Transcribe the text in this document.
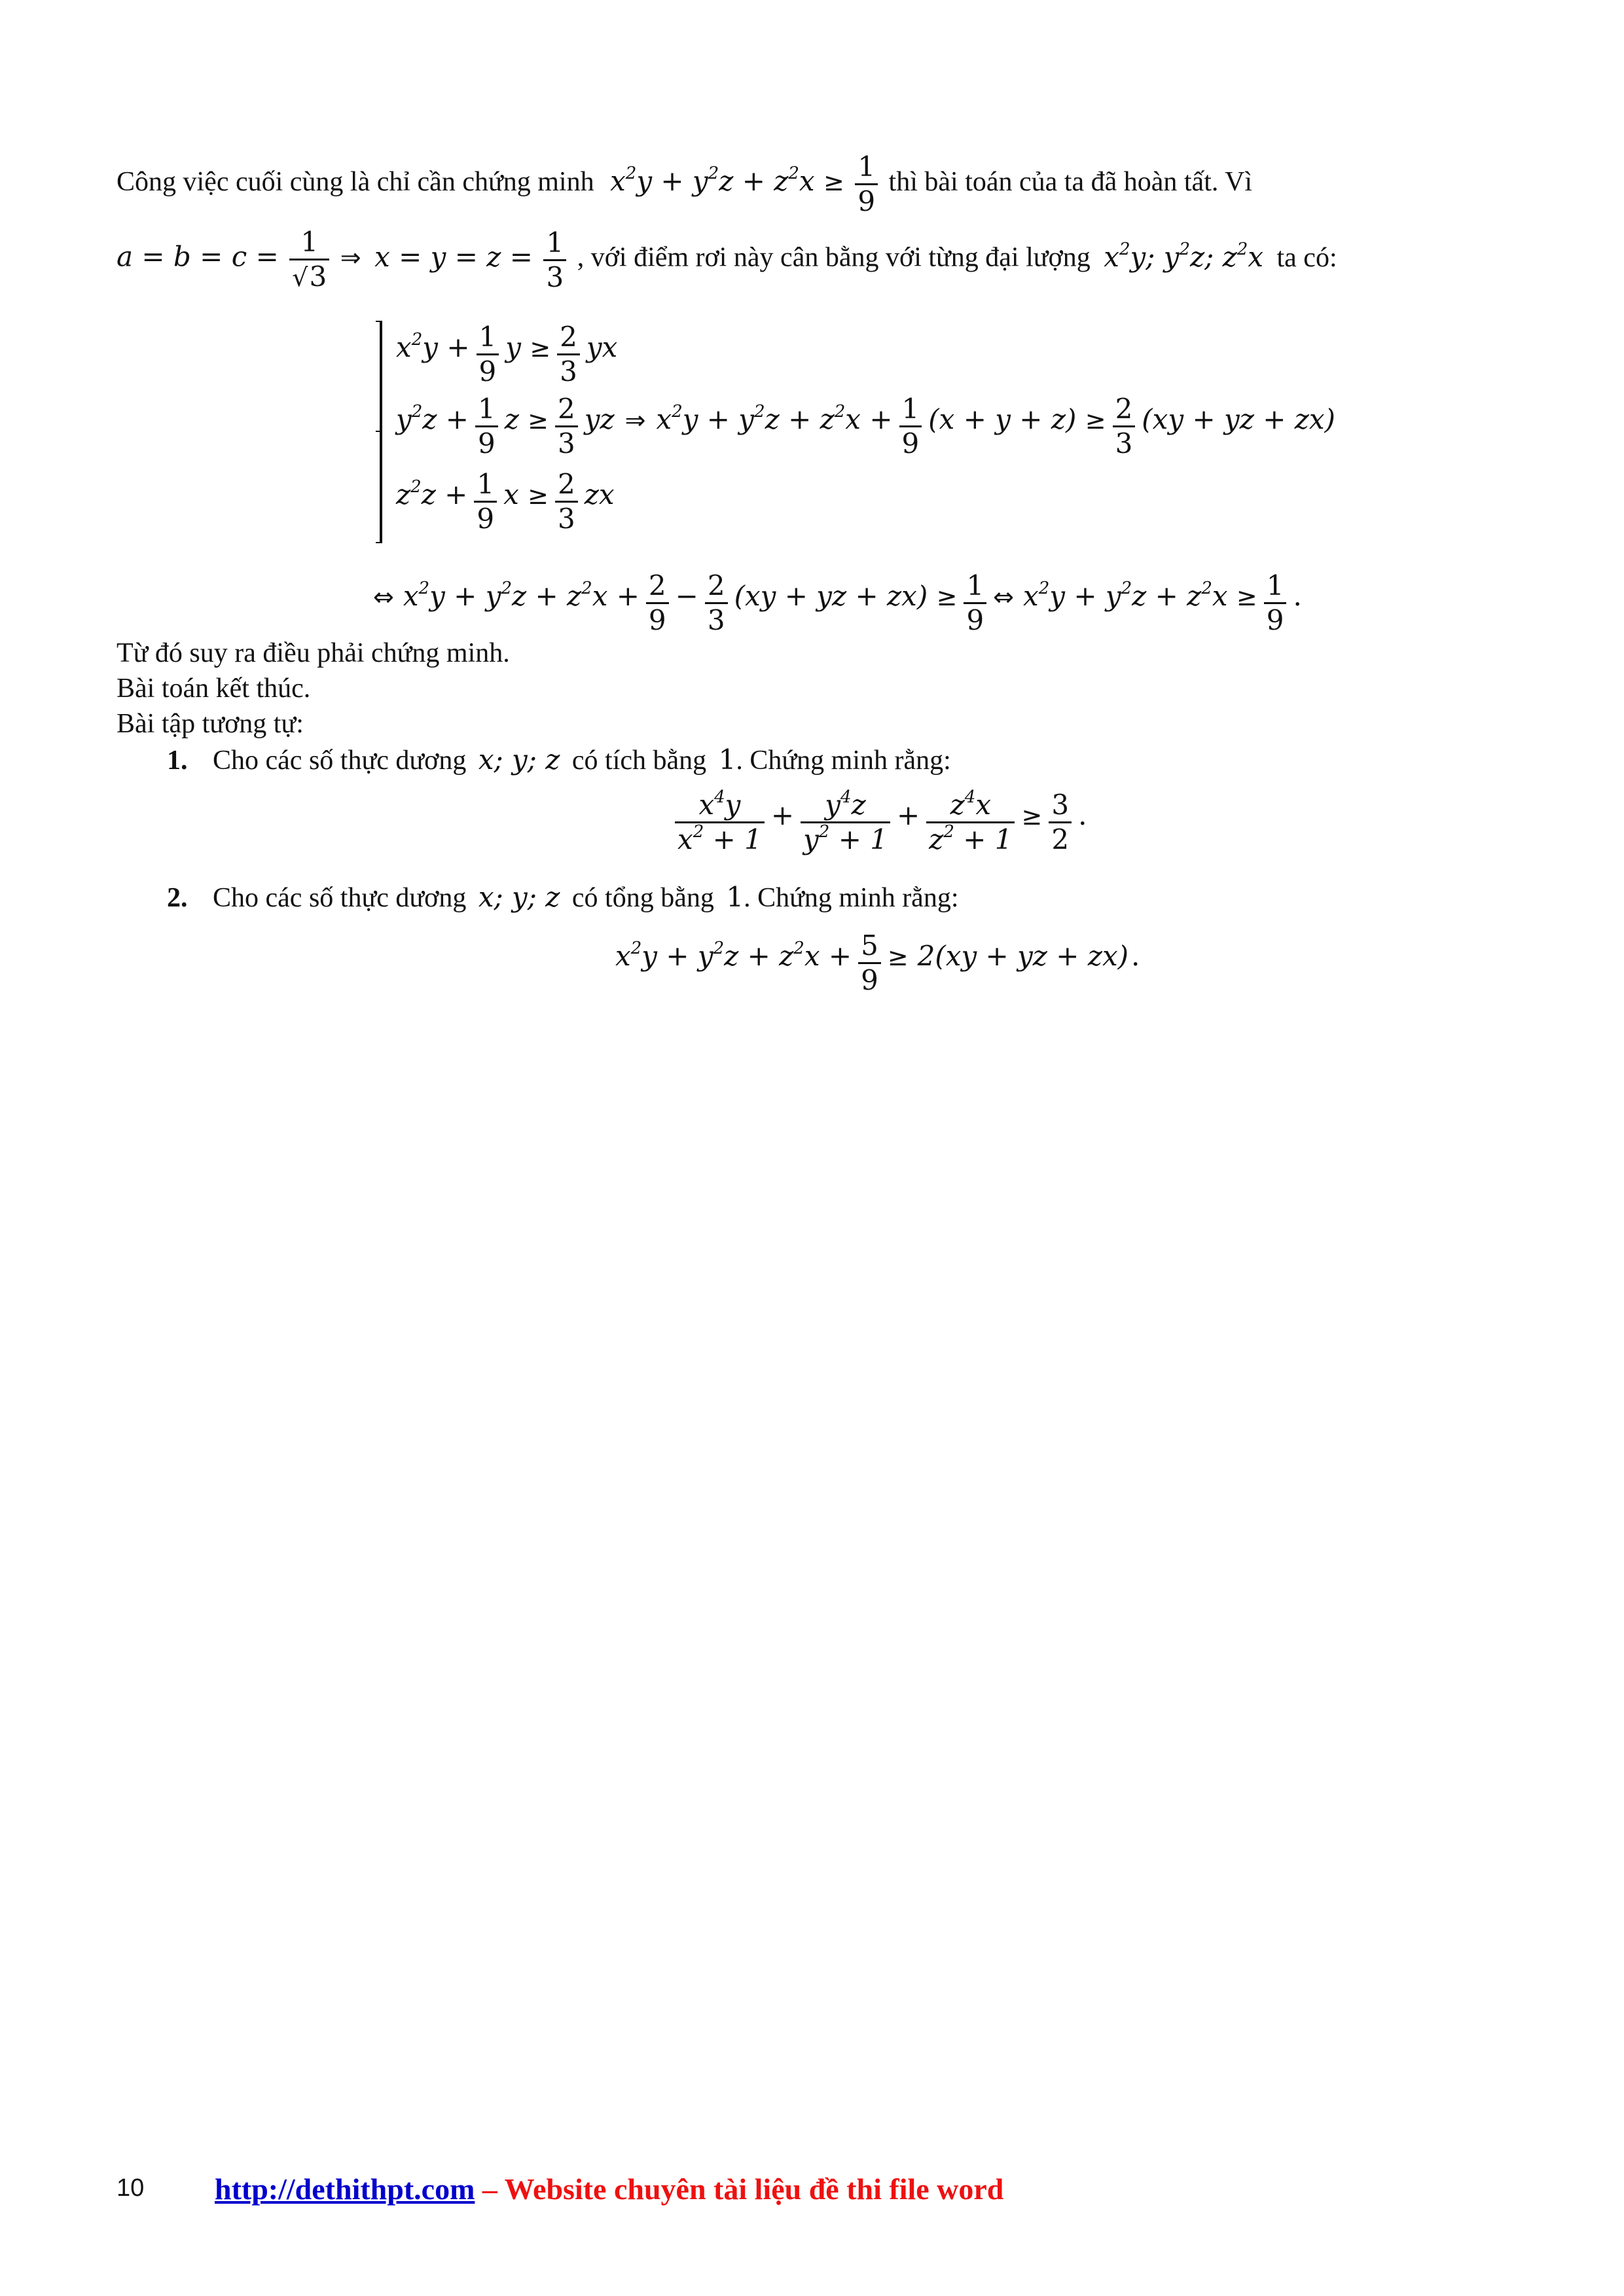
Công việc cuối cùng là chỉ cần chứng minh $x^2y + y^2z + z^2x \ge \frac{1}{9}$ thì bài toán của ta đã hoàn tất. Vì
$a = b = c = \frac{1}{√3}$ ⇒ $x = y = z = \frac{1}{3}$ , với điểm rơi này cân bằng với từng đại lượng $x^2y$; $y^2z$; $z^2x$ ta có:
$x^2y + \frac{1}{9}$ $y \ge \frac{2}{3}$ yx
$y^2z + \frac{1}{9}$ $z \ge \frac{2}{3}$ yz ⇒ $x^2y + y^2z + z^2x + \frac{1}{9} (x + y + z) \ge \frac{2}{3} (xy$ + yz + zx)
$z^2z + \frac{1}{9}$ $x \ge \frac{2}{3}$ zx
⇔ $x^2y + y^2z + z^2x + \frac{2}{9} - \frac{2}{3} (xy$ + yz + $zx) \ge \frac{1}{9}$ ⇔ $x^2y + y^2z + z^2x \ge \frac{1}{9}$ .
Từ đó suy ra điều phải chứng minh.
Bài toán kết thúc.
Bài tập tương tự:
1. Cho các số thực dương x; y; z có tích bằng 1. Chứng minh rằng:
$\frac{x^4y}{x^2 + 1} + \frac{y^4z}{y^2 + 1} + \frac{z^4x}{z^2 + 1} \ge \frac{3}{2}$ .
2. Cho các số thực dương x; y; z có tổng bằng 1. Chứng minh rằng:
$x^2y + y^2z + z^2x + \frac{5}{9} \ge 2(xy$ + yz + zx) .
10 http://dethithpt.com – Website chuyên tài liệu đề thi file word
